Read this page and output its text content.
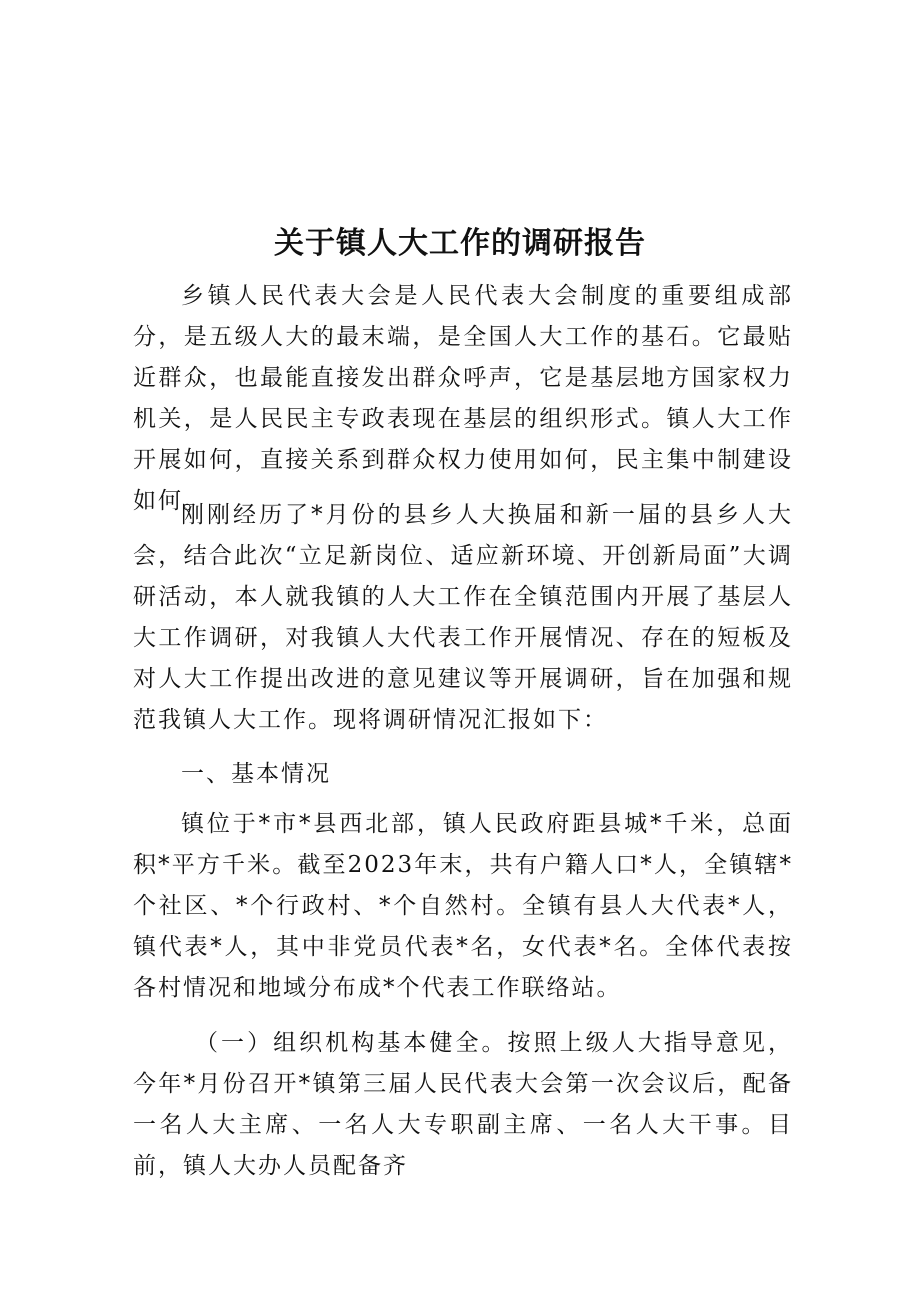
关于镇人大工作的调研报告

乡镇人民代表大会是人民代表大会制度的重要组成部分，是五级人大的最末端，是全国人大工作的基石。它最贴近群众，也最能直接发出群众呼声，它是基层地方国家权力机关，是人民民主专政表现在基层的组织形式。镇人大工作开展如何，直接关系到群众权力使用如何，民主集中制建设如何。

刚刚经历了*月份的县乡人大换届和新一届的县乡人大会，结合此次“立足新岗位、适应新环境、开创新局面”大调研活动，本人就我镇的人大工作在全镇范围内开展了基层人大工作调研，对我镇人大代表工作开展情况、存在的短板及对人大工作提出改进的意见建议等开展调研，旨在加强和规范我镇人大工作。现将调研情况汇报如下：

一、基本情况

镇位于*市*县西北部，镇人民政府距县城*千米，总面积*平方千米。截至2023年末，共有户籍人口*人，全镇辖*个社区、*个行政村、*个自然村。全镇有县人大代表*人，镇代表*人，其中非党员代表*名，女代表*名。全体代表按各村情况和地域分布成*个代表工作联络站。

（一）组织机构基本健全。按照上级人大指导意见，今年*月份召开*镇第三届人民代表大会第一次会议后，配备一名人大主席、一名人大专职副主席、一名人大干事。目前，镇人大办人员配备齐
